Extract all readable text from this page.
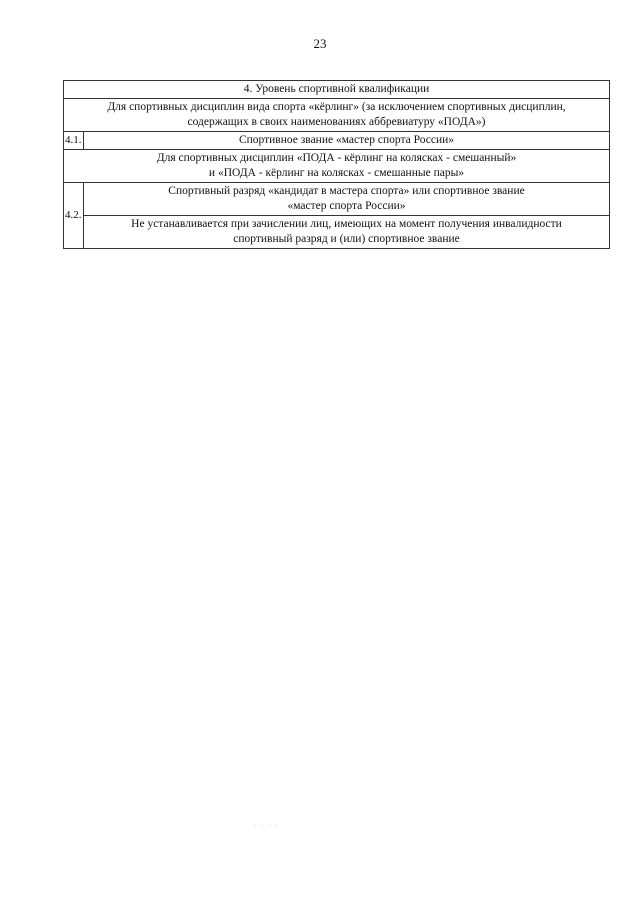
23
4. Уровень спортивной квалификации	

Для спортивных дисциплин вида спорта «кёрлинг» (за исключением спортивных дисциплин,
содержащих в своих наименованиях аббревиатуру «ПОДА»)	

4.1.	Спортивное звание «мастер спорта России»

Для спортивных дисциплин «ПОДА - кёрлинг на колясках - смешанный»
и «ПОДА - кёрлинг на колясках - смешанные пары»	

4.2.	Спортивный разряд «кандидат в мастера спорта» или спортивное звание
«мастер спорта России»

	Не устанавливается при зачислении лиц, имеющих на момент получения инвалидности
спортивный разряд и (или) спортивное звание
. . . .
